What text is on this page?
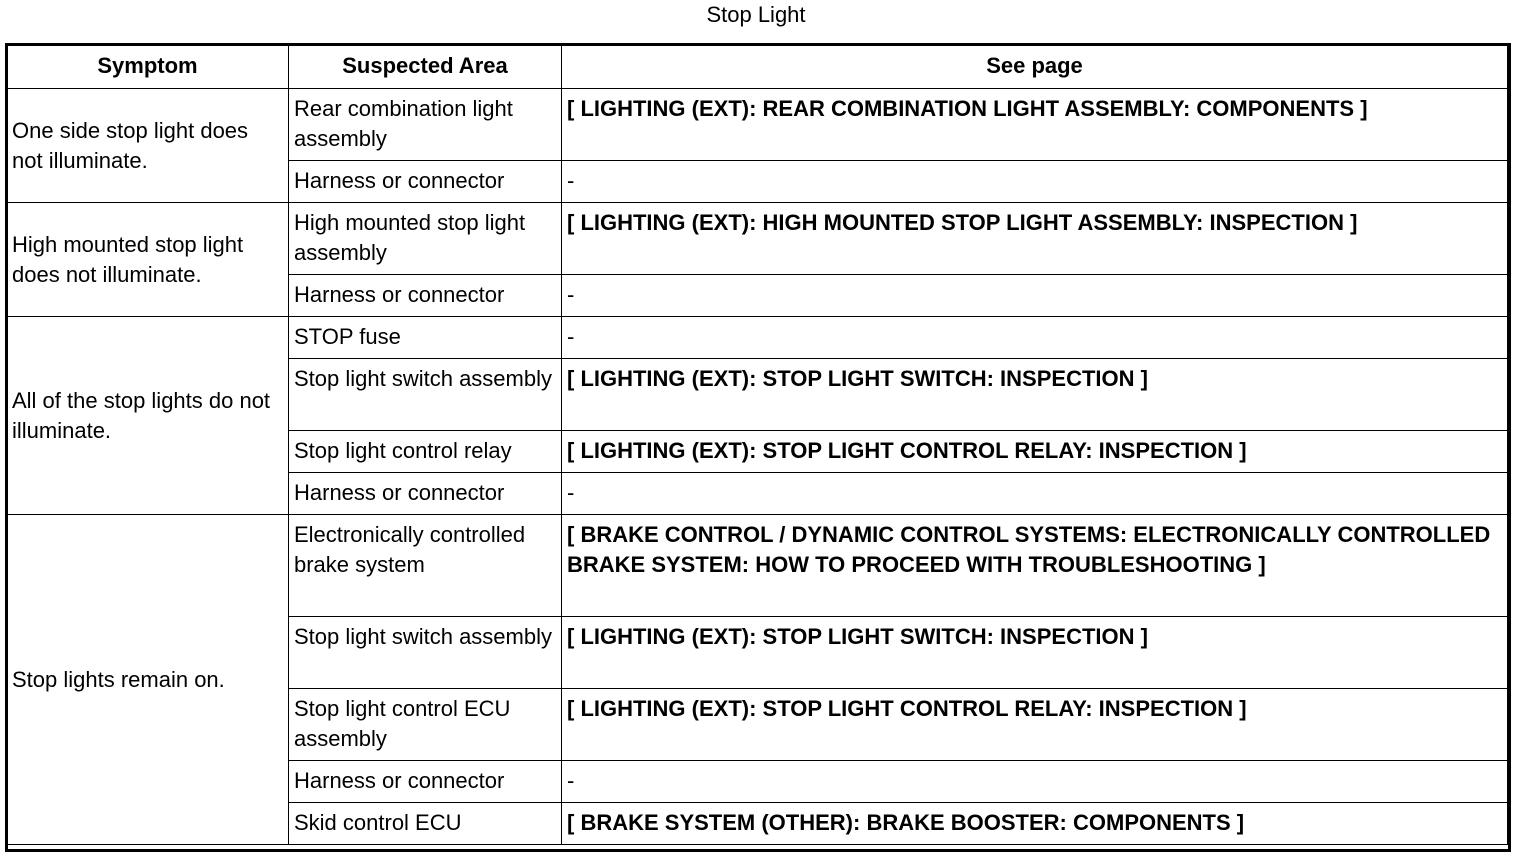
Stop Light
Symptom	Suspected Area	See page
One side stop light does not illuminate.	Rear combination light assembly	[ LIGHTING (EXT): REAR COMBINATION LIGHT ASSEMBLY: COMPONENTS ]
	Harness or connector	-
High mounted stop light does not illuminate.	High mounted stop light assembly	[ LIGHTING (EXT): HIGH MOUNTED STOP LIGHT ASSEMBLY: INSPECTION ]
	Harness or connector	-
All of the stop lights do not illuminate.	STOP fuse	-
	Stop light switch assembly	[ LIGHTING (EXT): STOP LIGHT SWITCH: INSPECTION ]
	Stop light control relay	[ LIGHTING (EXT): STOP LIGHT CONTROL RELAY: INSPECTION ]
	Harness or connector	-
Stop lights remain on.	Electronically controlled brake system	[ BRAKE CONTROL / DYNAMIC CONTROL SYSTEMS: ELECTRONICALLY CONTROLLED BRAKE SYSTEM: HOW TO PROCEED WITH TROUBLESHOOTING ]
	Stop light switch assembly	[ LIGHTING (EXT): STOP LIGHT SWITCH: INSPECTION ]
	Stop light control ECU assembly	[ LIGHTING (EXT): STOP LIGHT CONTROL RELAY: INSPECTION ]
	Harness or connector	-
	Skid control ECU	[ BRAKE SYSTEM (OTHER): BRAKE BOOSTER: COMPONENTS ]
